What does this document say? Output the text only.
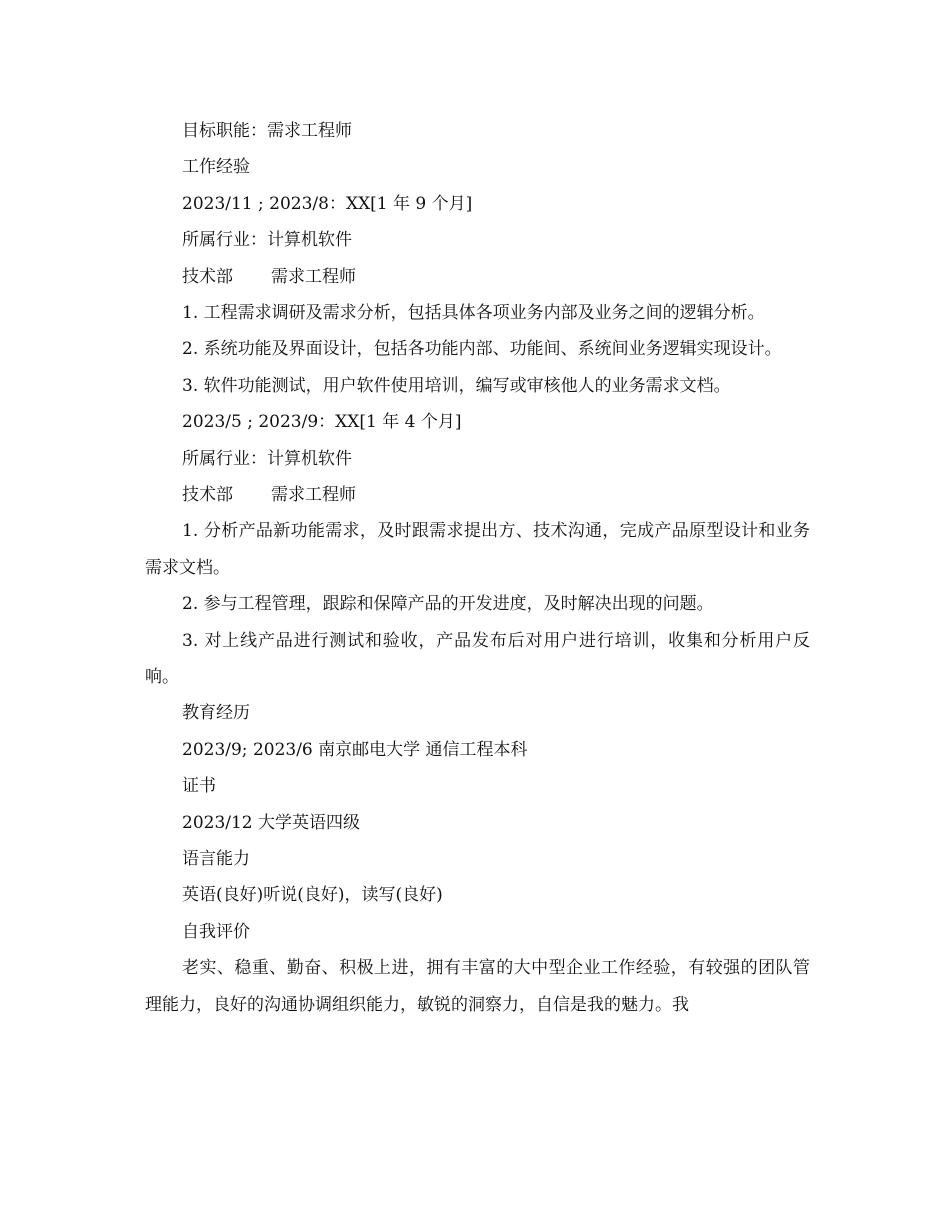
目标职能：需求工程师
工作经验
2023/11 ; 2023/8：XX[1 年 9 个月]
所属行业：计算机软件
技术部 需求工程师
1. 工程需求调研及需求分析，包括具体各项业务内部及业务之间的逻辑分析。
2. 系统功能及界面设计，包括各功能内部、功能间、系统间业务逻辑实现设计。
3. 软件功能测试，用户软件使用培训，编写或审核他人的业务需求文档。
2023/5 ; 2023/9：XX[1 年 4 个月]
所属行业：计算机软件
技术部 需求工程师
1. 分析产品新功能需求，及时跟需求提出方、技术沟通，完成产品原型设计和业务需求文档。
2. 参与工程管理，跟踪和保障产品的开发进度，及时解决出现的问题。
3. 对上线产品进行测试和验收，产品发布后对用户进行培训，收集和分析用户反响。
教育经历
2023/9; 2023/6 南京邮电大学 通信工程本科
证书
2023/12 大学英语四级
语言能力
英语(良好)听说(良好)，读写(良好)
自我评价
老实、稳重、勤奋、积极上进，拥有丰富的大中型企业工作经验，有较强的团队管理能力，良好的沟通协调组织能力，敏锐的洞察力，自信是我的魅力。我
